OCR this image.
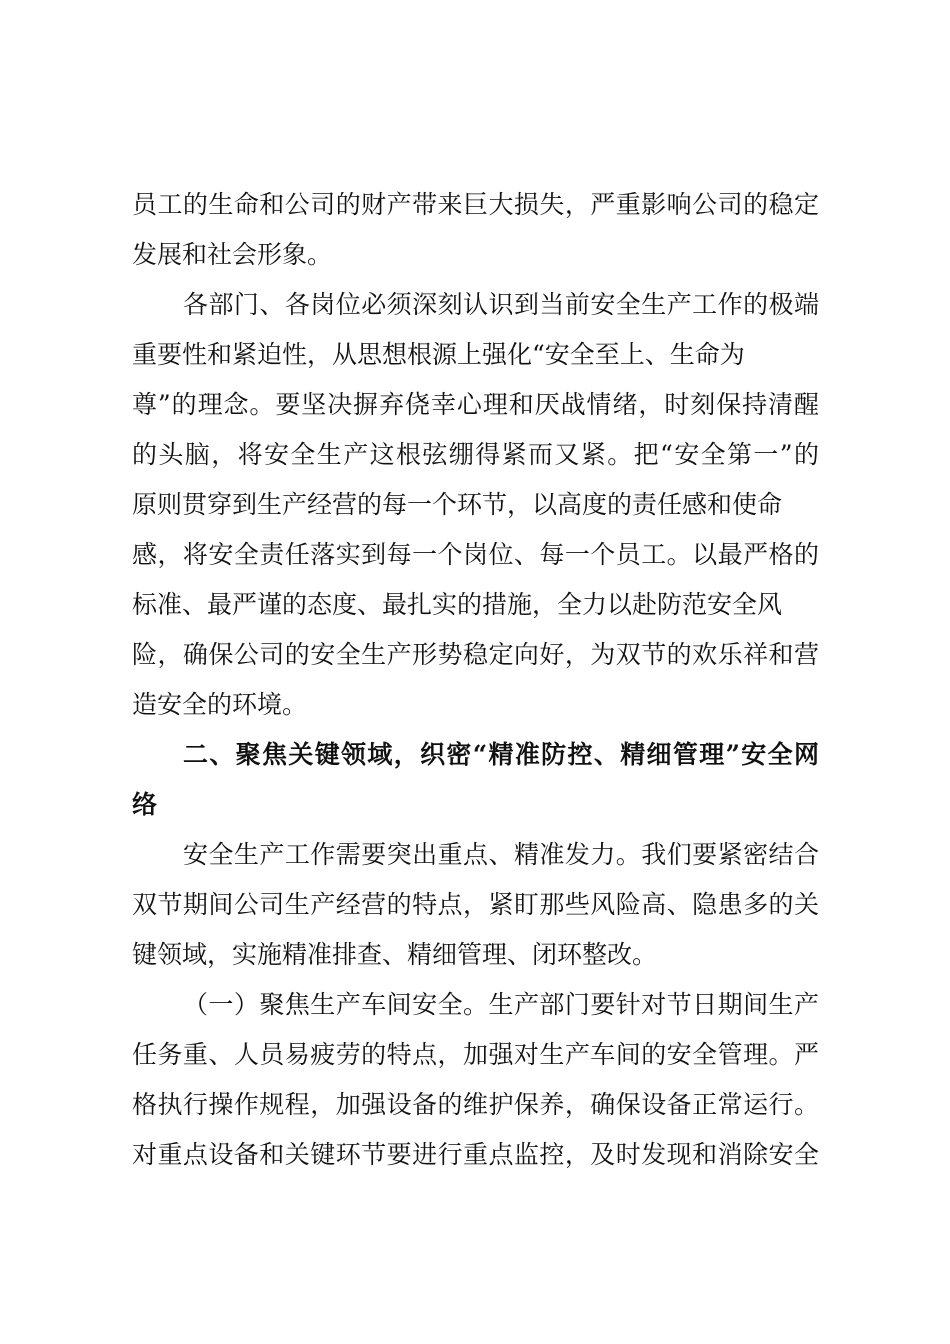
员工的生命和公司的财产带来巨大损失，严重影响公司的稳定
发展和社会形象。
各部门、各岗位必须深刻认识到当前安全生产工作的极端
重要性和紧迫性，从思想根源上强化“安全至上、生命为
尊”的理念。要坚决摒弃侥幸心理和厌战情绪，时刻保持清醒
的头脑，将安全生产这根弦绷得紧而又紧。把“安全第一”的
原则贯穿到生产经营的每一个环节，以高度的责任感和使命
感，将安全责任落实到每一个岗位、每一个员工。以最严格的
标准、最严谨的态度、最扎实的措施，全力以赴防范安全风
险，确保公司的安全生产形势稳定向好，为双节的欢乐祥和营
造安全的环境。
二、聚焦关键领域，织密“精准防控、精细管理”安全网
络
安全生产工作需要突出重点、精准发力。我们要紧密结合
双节期间公司生产经营的特点，紧盯那些风险高、隐患多的关
键领域，实施精准排查、精细管理、闭环整改。
（一）聚焦生产车间安全。生产部门要针对节日期间生产
任务重、人员易疲劳的特点，加强对生产车间的安全管理。严
格执行操作规程，加强设备的维护保养，确保设备正常运行。
对重点设备和关键环节要进行重点监控，及时发现和消除安全
